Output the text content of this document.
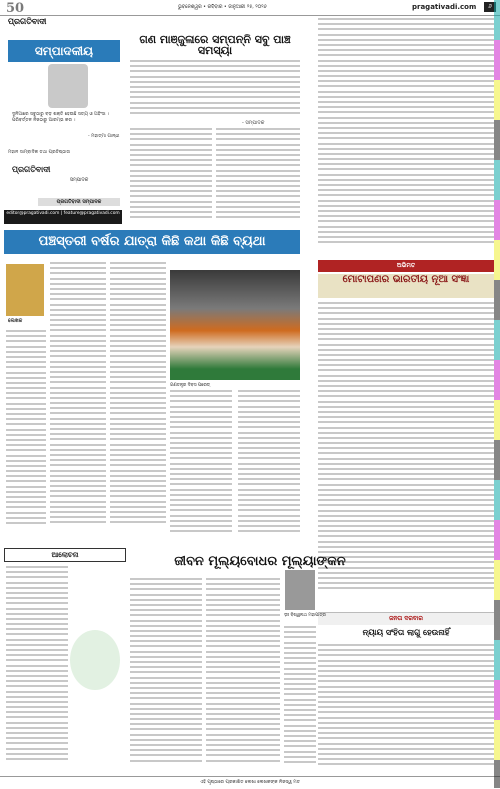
50	ଭୁବନେଶ୍ୱର • ରବିବାର • ଜାନୁଆରୀ ୨୫, ୨୦୨୬	pragativadi.com	୬
ପ୍ରଗତିବାଦୀ
ସମ୍ପାଦକୀୟ
ଦୁନିଆରେ ସବୁଠାରୁ ବଡ଼ ଶକ୍ତି ହେଉଛି ସତ୍ୟ ଓ ଅହିଂସା । ପରିବର୍ତ୍ତନ ନିଜଠାରୁ ଆରମ୍ଭ କର ।
- ମହାତ୍ମା ଗାନ୍ଧୀ
ମହାନ ସାମ୍ବାଦିକ ତଥା ପ୍ରତିଷ୍ଠାତା
ପ୍ରଗତିବାଦୀ
ସମ୍ପାଦକ
ପ୍ରଗତିବାଦୀ ସମ୍ପାଦକ
editor@pragativadi.com | feature@pragativadi.com
ଗଣ ମାଞ୍ଜୁଳାରେ ସମ୍ପନ୍ନି ସବୁ ପାଞ୍ଚ ସମସ୍ୟା
- ସମ୍ପାଦକ
ପଞ୍ଚସ୍ତରୀ ବର୍ଷର ଯାତ୍ରା କିଛି କଥା କିଛି ବ୍ୟଥା
ଲେଖକ
ଗଣତନ୍ତ୍ର ଦିବସ ପରେଡ୍
ଅଭିମତ
ମୋଟାପଣର ଭାରତୀୟ ନୂଆ ସଂଜ୍ଞା
ଜନତା ଦରବାର
ନ୍ୟାୟ ସଂହିତା ଲାଗୁ ହେଉନାହିଁ
ଆଲୋଚନା	ଜୀବନ ମୂଲ୍ୟବୋଧର ମୂଲ୍ୟାଙ୍କନ
ଡ଼ଃ ବିଶ୍ୱନାଥ ମହାପାତ୍ର
ଏହି ପୃଷ୍ଠାରେ ପ୍ରକାଶିତ ଲେଖା ଲେଖକଙ୍କ ନିଜସ୍ୱ ମତ
